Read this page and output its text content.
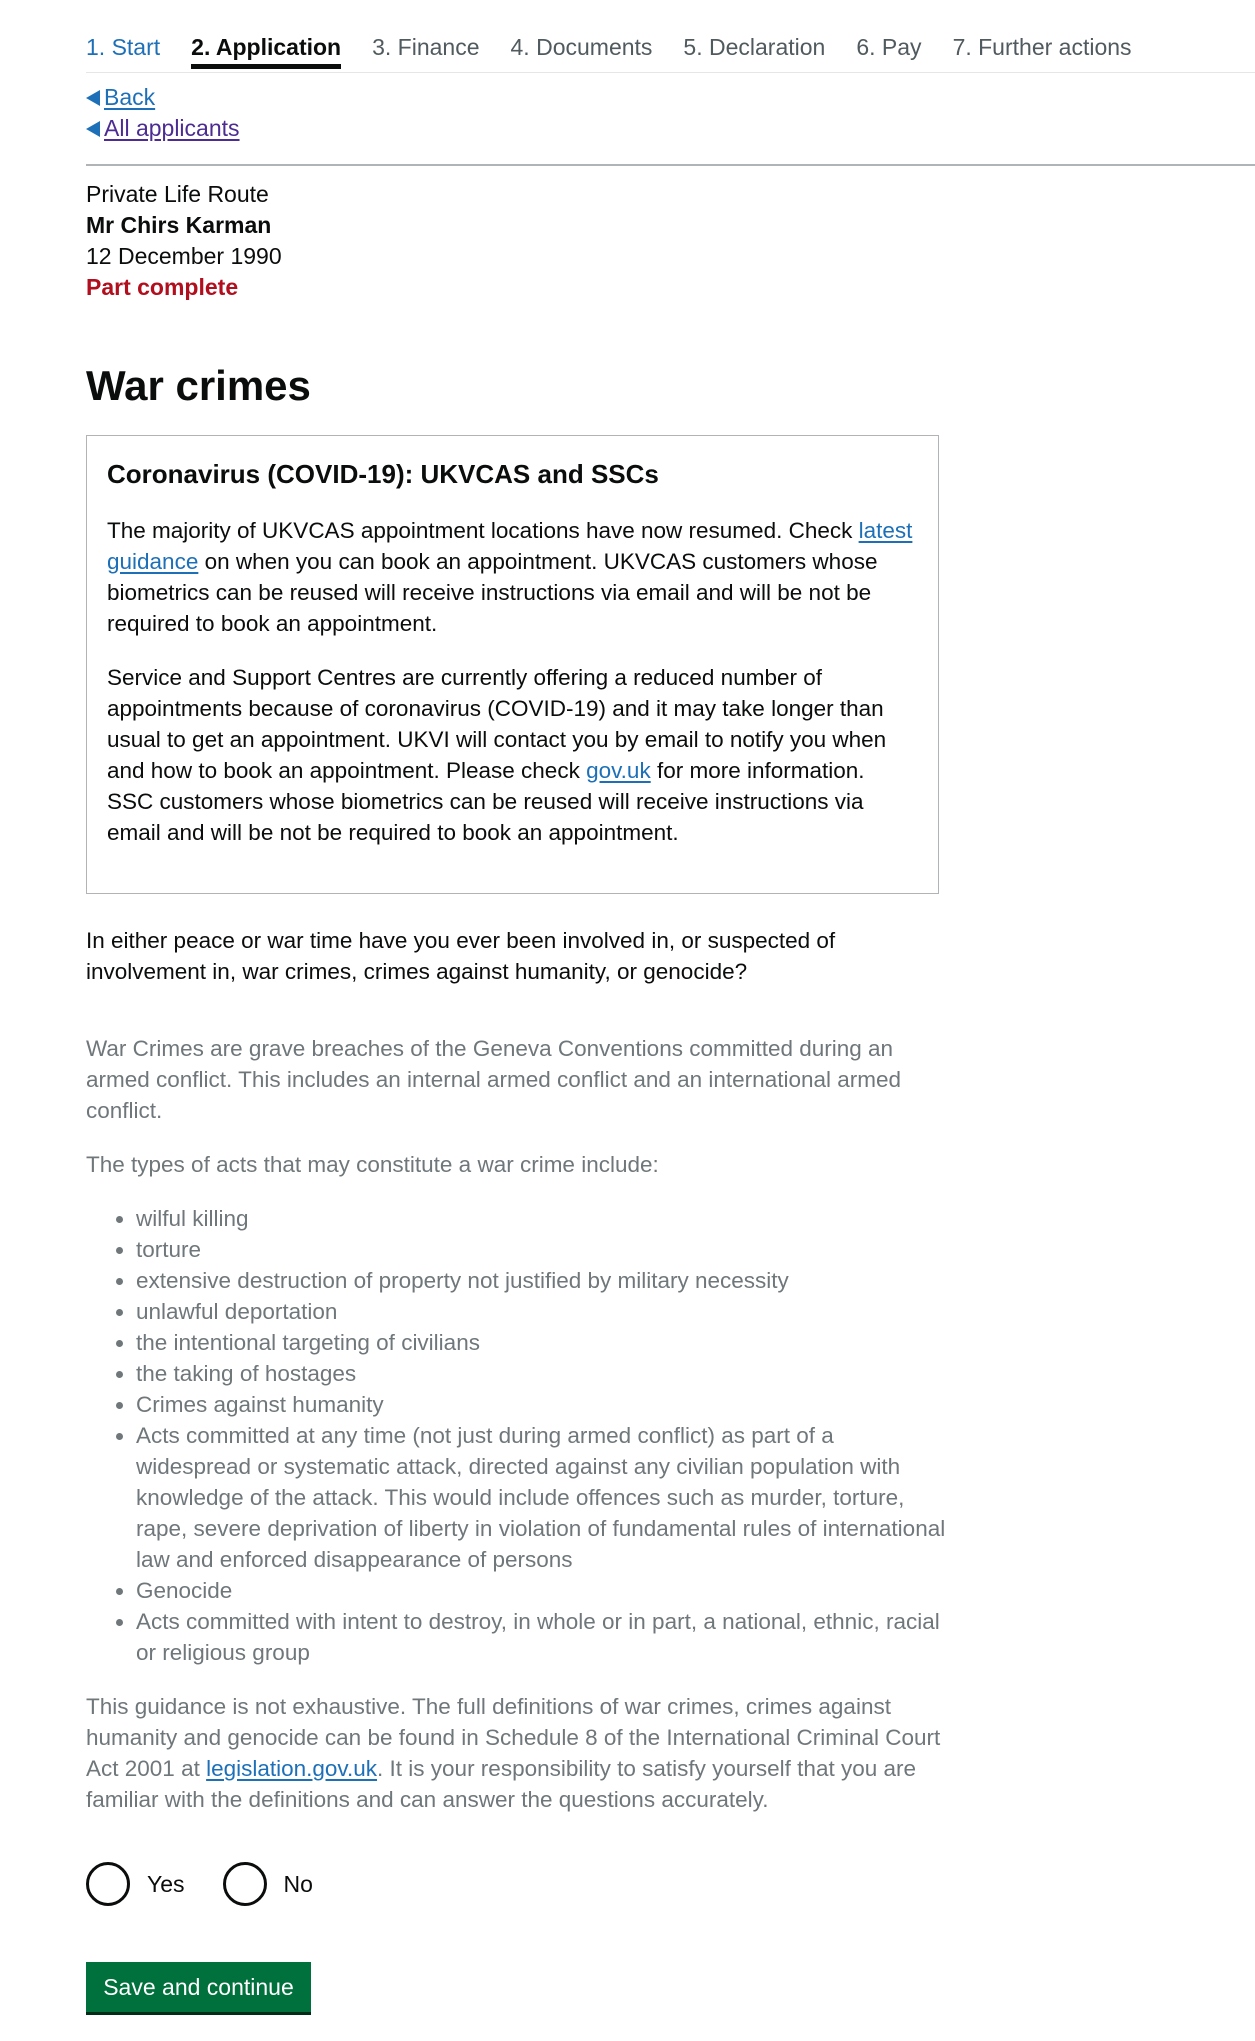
1. Start 2. Application 3. Finance 4. Documents 5. Declaration 6. Pay 7. Further actions
Back
All applicants
Private Life Route
Mr Chirs Karman
12 December 1990
Part complete
War crimes
Coronavirus (COVID-19): UKVCAS and SSCs

The majority of UKVCAS appointment locations have now resumed. Check latest guidance on when you can book an appointment. UKVCAS customers whose biometrics can be reused will receive instructions via email and will be not be required to book an appointment.

Service and Support Centres are currently offering a reduced number of appointments because of coronavirus (COVID-19) and it may take longer than usual to get an appointment. UKVI will contact you by email to notify you when and how to book an appointment. Please check gov.uk for more information. SSC customers whose biometrics can be reused will receive instructions via email and will be not be required to book an appointment.

In either peace or war time have you ever been involved in, or suspected of involvement in, war crimes, crimes against humanity, or genocide?

War Crimes are grave breaches of the Geneva Conventions committed during an armed conflict. This includes an internal armed conflict and an international armed conflict.

The types of acts that may constitute a war crime include:

• wilful killing
• torture
• extensive destruction of property not justified by military necessity
• unlawful deportation
• the intentional targeting of civilians
• the taking of hostages
• Crimes against humanity
• Acts committed at any time (not just during armed conflict) as part of a widespread or systematic attack, directed against any civilian population with knowledge of the attack. This would include offences such as murder, torture, rape, severe deprivation of liberty in violation of fundamental rules of international law and enforced disappearance of persons
• Genocide
• Acts committed with intent to destroy, in whole or in part, a national, ethnic, racial or religious group

This guidance is not exhaustive. The full definitions of war crimes, crimes against humanity and genocide can be found in Schedule 8 of the International Criminal Court Act 2001 at legislation.gov.uk. It is your responsibility to satisfy yourself that you are familiar with the definitions and can answer the questions accurately.

Yes	No
Save and continue
